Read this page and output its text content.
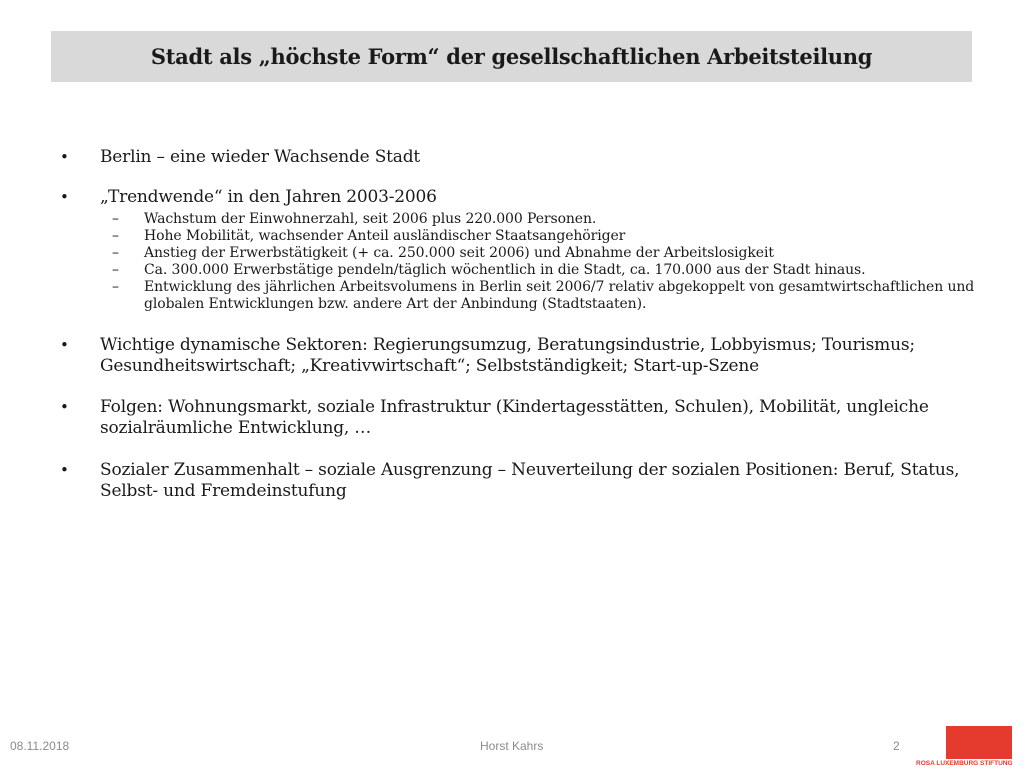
Stadt als „höchste Form“ der gesellschaftlichen Arbeitsteilung
• Berlin – eine wieder Wachsende Stadt
• „Trendwende“ in den Jahren 2003-2006
– Wachstum der Einwohnerzahl, seit 2006 plus 220.000 Personen.
– Hohe Mobilität, wachsender Anteil ausländischer Staatsangehöriger
– Anstieg der Erwerbstätigkeit (+ ca. 250.000 seit 2006) und Abnahme der Arbeitslosigkeit
– Ca. 300.000 Erwerbstätige pendeln/täglich wöchentlich in die Stadt, ca. 170.000 aus der Stadt hinaus.
– Entwicklung des jährlichen Arbeitsvolumens in Berlin seit 2006/7 relativ abgekoppelt von gesamtwirtschaftlichen und globalen Entwicklungen bzw. andere Art der Anbindung (Stadtstaaten).
• Wichtige dynamische Sektoren: Regierungsumzug, Beratungsindustrie, Lobbyismus; Tourismus; Gesundheitswirtschaft; „Kreativwirtschaft“; Selbstständigkeit; Start-up-Szene
• Folgen: Wohnungsmarkt, soziale Infrastruktur (Kindertagesstätten, Schulen), Mobilität, ungleiche sozialräumliche Entwicklung, …
• Sozialer Zusammenhalt – soziale Ausgrenzung – Neuverteilung der sozialen Positionen: Beruf, Status, Selbst- und Fremdeinstufung
08.11.2018	Horst Kahrs	2
ROSA LUXEMBURG STIFTUNG
